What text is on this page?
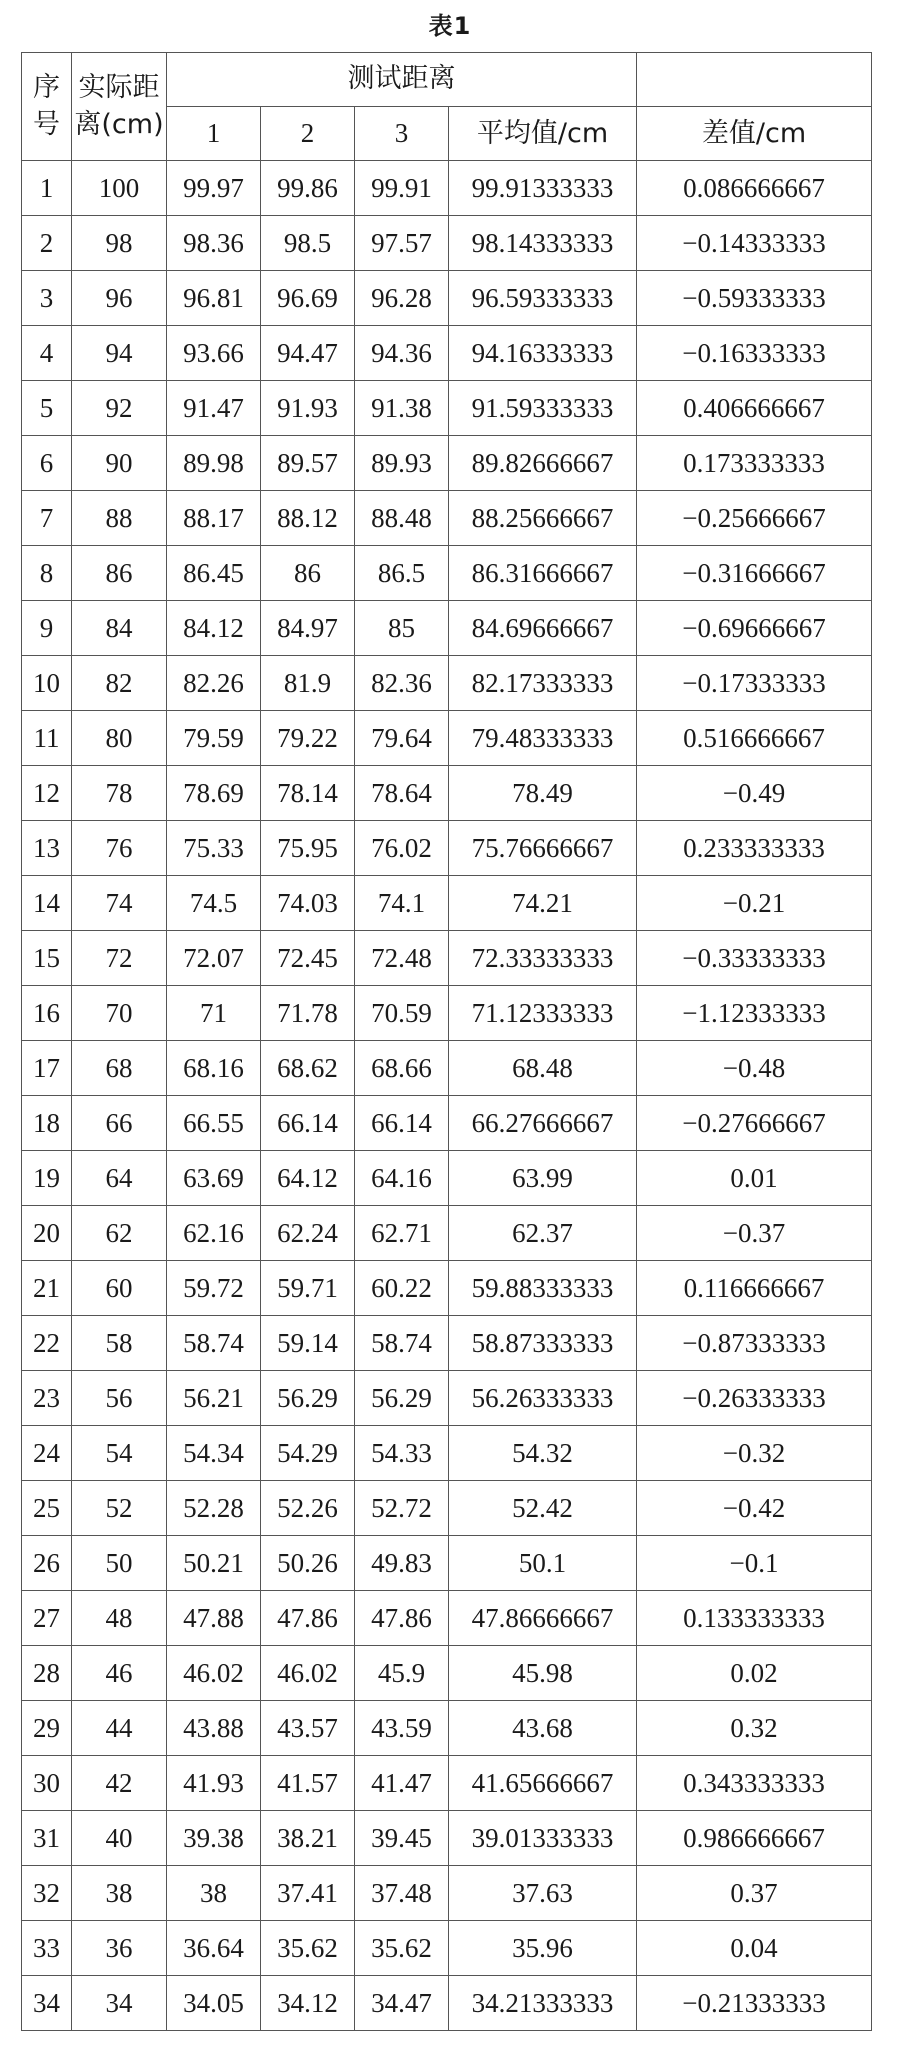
表1
序号	实际距离(cm)	测试距离				
		1	2	3	平均值/cm	差值/cm
1	100	99.97	99.86	99.91	99.91333333	0.086666667
2	98	98.36	98.5	97.57	98.14333333	−0.14333333
3	96	96.81	96.69	96.28	96.59333333	−0.59333333
4	94	93.66	94.47	94.36	94.16333333	−0.16333333
5	92	91.47	91.93	91.38	91.59333333	0.406666667
6	90	89.98	89.57	89.93	89.82666667	0.173333333
7	88	88.17	88.12	88.48	88.25666667	−0.25666667
8	86	86.45	86	86.5	86.31666667	−0.31666667
9	84	84.12	84.97	85	84.69666667	−0.69666667
10	82	82.26	81.9	82.36	82.17333333	−0.17333333
11	80	79.59	79.22	79.64	79.48333333	0.516666667
12	78	78.69	78.14	78.64	78.49	−0.49
13	76	75.33	75.95	76.02	75.76666667	0.233333333
14	74	74.5	74.03	74.1	74.21	−0.21
15	72	72.07	72.45	72.48	72.33333333	−0.33333333
16	70	71	71.78	70.59	71.12333333	−1.12333333
17	68	68.16	68.62	68.66	68.48	−0.48
18	66	66.55	66.14	66.14	66.27666667	−0.27666667
19	64	63.69	64.12	64.16	63.99	0.01
20	62	62.16	62.24	62.71	62.37	−0.37
21	60	59.72	59.71	60.22	59.88333333	0.116666667
22	58	58.74	59.14	58.74	58.87333333	−0.87333333
23	56	56.21	56.29	56.29	56.26333333	−0.26333333
24	54	54.34	54.29	54.33	54.32	−0.32
25	52	52.28	52.26	52.72	52.42	−0.42
26	50	50.21	50.26	49.83	50.1	−0.1
27	48	47.88	47.86	47.86	47.86666667	0.133333333
28	46	46.02	46.02	45.9	45.98	0.02
29	44	43.88	43.57	43.59	43.68	0.32
30	42	41.93	41.57	41.47	41.65666667	0.343333333
31	40	39.38	38.21	39.45	39.01333333	0.986666667
32	38	38	37.41	37.48	37.63	0.37
33	36	36.64	35.62	35.62	35.96	0.04
34	34	34.05	34.12	34.47	34.21333333	−0.21333333
